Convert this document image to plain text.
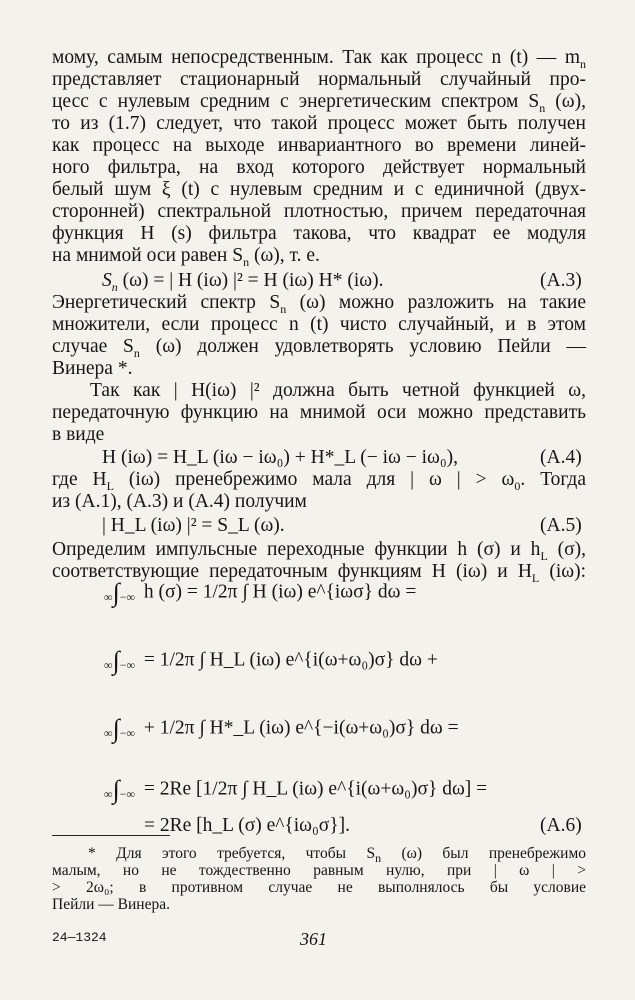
мому, самым непосредственным. Так как процесс n (t) — $m_n$
представляет стационарный нормальный случайный про-
цесс с нулевым средним с энергетическим спектром $S_n$ (ω),
то из (1.7) следует, что такой процесс может быть получен
как процесс на выходе инвариантного во времени линей-
ного фильтра, на вход которого действует нормальный
белый шум ξ (t) с нулевым средним и с единичной (двух-
сторонней) спектральной плотностью, причем передаточная
функция H (s) фильтра такова, что квадрат ее модуля
на мнимой оси равен $S_n$ (ω), т. е.
$S_n$ (ω) = | H (iω) |² = H (iω) H* (iω).	(А.3)
Энергетический спектр $S_n$ (ω) можно разложить на такие
множители, если процесс n (t) чисто случайный, и в этом
случае $S_n$ (ω) должен удовлетворять условию Пейли —
Винера *.
Так как | H(iω) |² должна быть четной функцией ω,
передаточную функцию на мнимой оси можно представить
в виде
H (iω) = H_L (iω − iω₀) + H*_L (− iω − iω₀),	(А.4)
где $H_L$ (iω) пренебрежимо мала для | ω | > $\omega_0$. Тогда
из (А.1), (А.3) и (А.4) получим
| H_L (iω) |² = S_L (ω).	(А.5)
Определим импульсные переходные функции h (σ) и $h_L$ (σ),
соответствующие передаточным функциям H (iω) и $H_L$ (iω):
∞∫−∞ h (σ) = 1/2π ∫ H (iω) e^{iωσ} dω =
∞∫−∞ = 1/2π ∫ H_L (iω) e^{i(ω+ω₀)σ} dω +
∞∫−∞ + 1/2π ∫ H*_L (iω) e^{−i(ω+ω₀)σ} dω =
∞∫−∞ = 2Re [1/2π ∫ H_L (iω) e^{i(ω+ω₀)σ} dω] =
= 2Re [h_L (σ) e^{iω₀σ}].	(А.6)
* Для этого требуется, чтобы $S_n$ (ω) был пренебрежимо
малым, но не тождественно равным нулю, при | ω | >
> 2ω₀; в противном случае не выполнялось бы условие
Пейли — Винера.
24—1324	361
